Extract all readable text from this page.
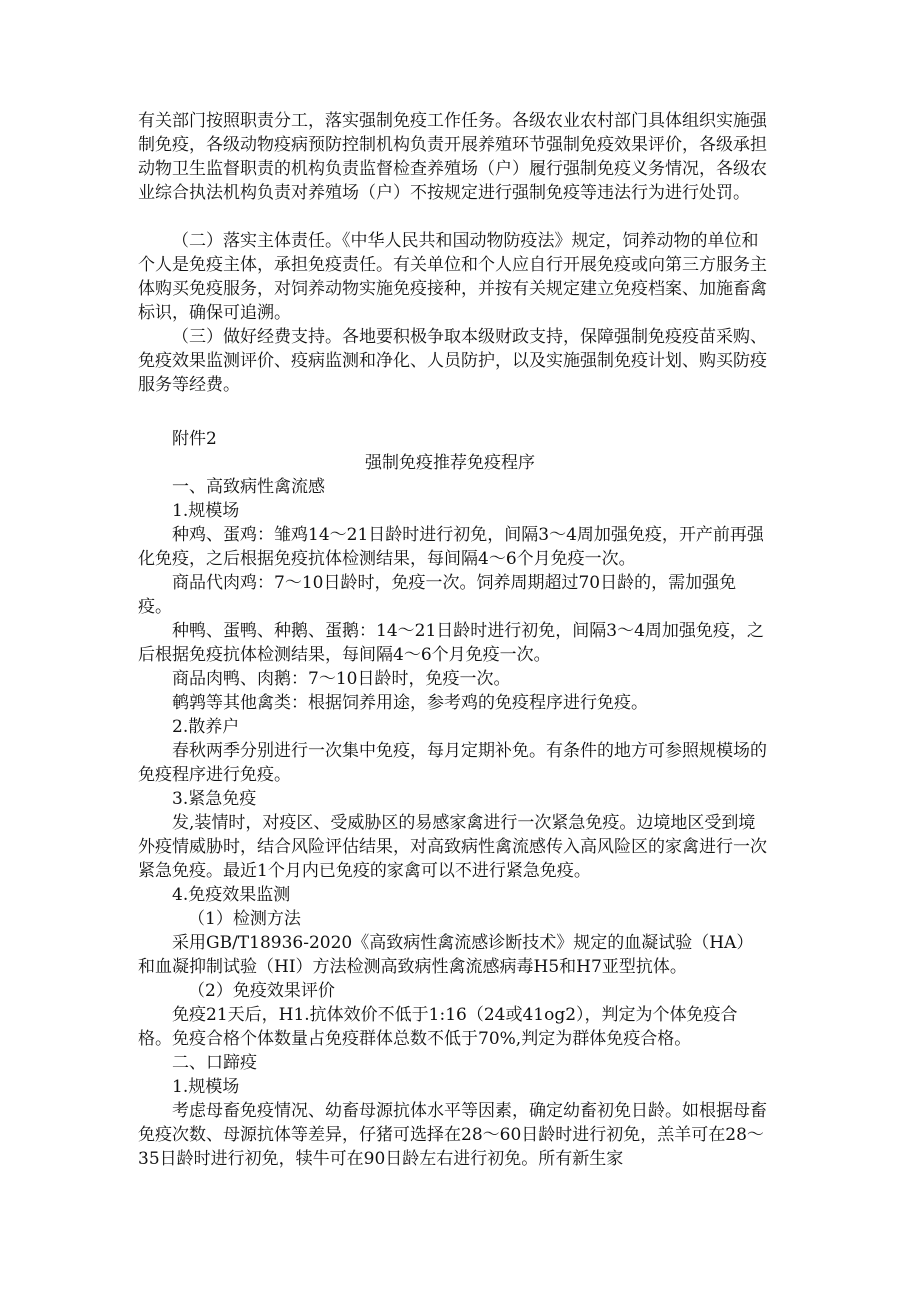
有关部门按照职责分工，落实强制免疫工作任务。各级农业农村部门具体组织实施强制免疫，各级动物疫病预防控制机构负责开展养殖环节强制免疫效果评价，各级承担动物卫生监督职责的机构负责监督检查养殖场（户）履行强制免疫义务情况，各级农业综合执法机构负责对养殖场（户）不按规定进行强制免疫等违法行为进行处罚。

（二）落实主体责任。《中华人民共和国动物防疫法》规定，饲养动物的单位和个人是免疫主体，承担免疫责任。有关单位和个人应自行开展免疫或向第三方服务主体购买免疫服务，对饲养动物实施免疫接种，并按有关规定建立免疫档案、加施畜禽标识，确保可追溯。
（三）做好经费支持。各地要积极争取本级财政支持，保障强制免疫疫苗采购、免疫效果监测评价、疫病监测和净化、人员防护，以及实施强制免疫计划、购买防疫服务等经费。
附件2
强制免疫推荐免疫程序
一、高致病性禽流感
1.规模场
种鸡、蛋鸡：雏鸡14～21日龄时进行初免，间隔3～4周加强免疫，开产前再强化免疫，之后根据免疫抗体检测结果，每间隔4～6个月免疫一次。
商品代肉鸡：7～10日龄时，免疫一次。饲养周期超过70日龄的，需加强免疫。
种鸭、蛋鸭、种鹅、蛋鹅：14～21日龄时进行初免，间隔3～4周加强免疫，之后根据免疫抗体检测结果，每间隔4～6个月免疫一次。
商品肉鸭、肉鹅：7～10日龄时，免疫一次。
鹌鹑等其他禽类：根据饲养用途，参考鸡的免疫程序进行免疫。
2.散养户
春秋两季分别进行一次集中免疫，每月定期补免。有条件的地方可参照规模场的免疫程序进行免疫。
3.紧急免疫
发,装情时，对疫区、受威胁区的易感家禽进行一次紧急免疫。边境地区受到境外疫情威胁时，结合风险评估结果，对高致病性禽流感传入高风险区的家禽进行一次紧急免疫。最近1个月内已免疫的家禽可以不进行紧急免疫。
4.免疫效果监测
（1）检测方法
采用GB/T18936-2020《高致病性禽流感诊断技术》规定的血凝试验（HA）和血凝抑制试验（HI）方法检测高致病性禽流感病毒H5和H7亚型抗体。
（2）免疫效果评价
免疫21天后，H1.抗体效价不低于1:16（24或41og2），判定为个体免疫合格。免疫合格个体数量占免疫群体总数不低于70%,判定为群体免疫合格。
二、口蹄疫
1.规模场
考虑母畜免疫情况、幼畜母源抗体水平等因素，确定幼畜初免日龄。如根据母畜免疫次数、母源抗体等差异，仔猪可选择在28～60日龄时进行初免，羔羊可在28～35日龄时进行初免，犊牛可在90日龄左右进行初免。所有新生家
